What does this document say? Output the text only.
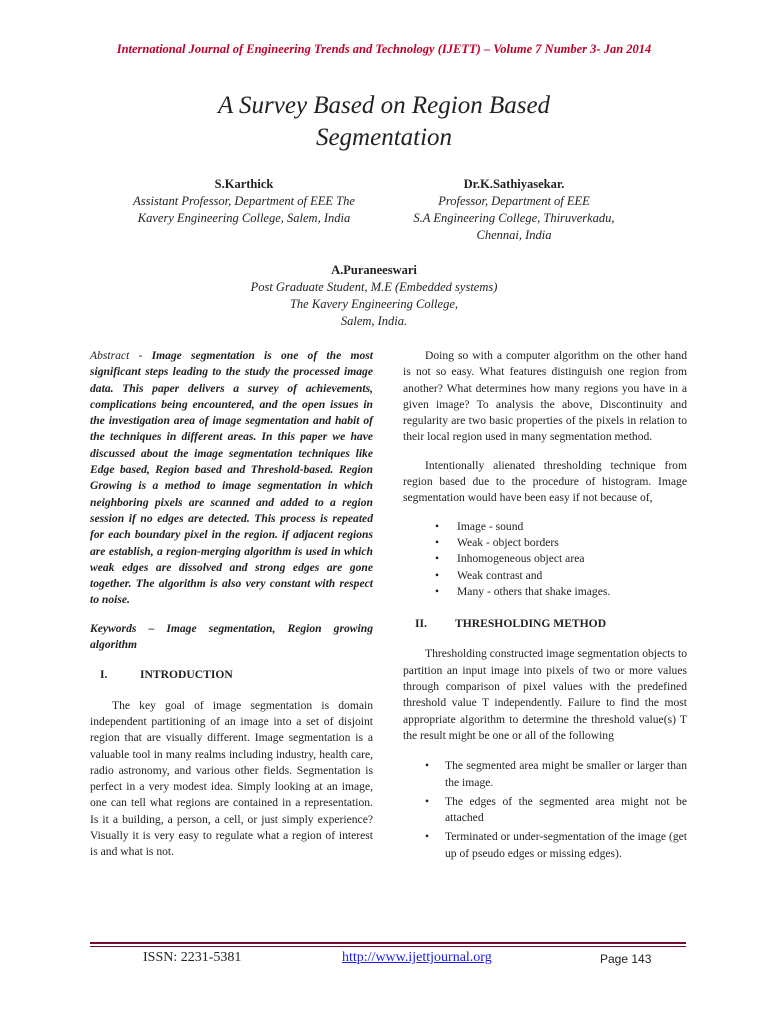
International Journal of Engineering Trends and Technology (IJETT) – Volume 7 Number 3- Jan 2014
A Survey Based on Region Based
Segmentation
S.Karthick
Assistant Professor, Department of EEE The
Kavery Engineering College, Salem, India
Dr.K.Sathiyasekar.
Professor, Department of EEE
S.A Engineering College, Thiruverkadu,
Chennai, India
A.Puraneeswari
Post Graduate Student, M.E (Embedded systems)
The Kavery Engineering College,
Salem, India.

Abstract - Image segmentation is one of the most significant steps leading to the study the processed image data. This paper delivers a survey of achievements, complications being encountered, and the open issues in the investigation area of image segmentation and habit of the techniques in different areas. In this paper we have discussed about the image segmentation techniques like Edge based, Region based and Threshold-based. Region Growing is a method to image segmentation in which neighboring pixels are scanned and added to a region session if no edges are detected. This process is repeated for each boundary pixel in the region. if adjacent regions are establish, a region-merging algorithm is used in which weak edges are dissolved and strong edges are gone together. The algorithm is also very constant with respect to noise.

Keywords – Image segmentation, Region growing algorithm

I.	INTRODUCTION

The key goal of image segmentation is domain independent partitioning of an image into a set of disjoint region that are visually different. Image segmentation is a valuable tool in many realms including industry, health care, radio astronomy, and various other fields. Segmentation is perfect in a very modest idea. Simply looking at an image, one can tell what regions are contained in a representation. Is it a building, a person, a cell, or just simply experience? Visually it is very easy to regulate what a region of interest is and what is not.

Doing so with a computer algorithm on the other hand is not so easy. What features distinguish one region from another? What determines how many regions you have in a given image? To analysis the above, Discontinuity and regularity are two basic properties of the pixels in relation to their local region used in many segmentation method.

Intentionally alienated thresholding technique from region based due to the procedure of histogram. Image segmentation would have been easy if not because of,

• Image - sound
• Weak - object borders
• Inhomogeneous object area
• Weak contrast and
• Many - others that shake images.
II.	THRESHOLDING METHOD

Thresholding constructed image segmentation objects to partition an input image into pixels of two or more values through comparison of pixel values with the predefined threshold value T independently. Failure to find the most appropriate algorithm to determine the threshold value(s) T the result might be one or all of the following

• The segmented area might be smaller or larger than the image.
• The edges of the segmented area might not be attached
• Terminated or under-segmentation of the image (get up of pseudo edges or missing edges).
ISSN: 2231-5381	http://www.ijettjournal.org	Page 143
